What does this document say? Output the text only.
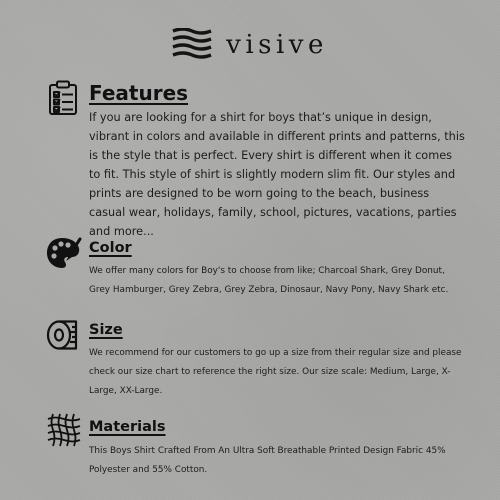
visive
Features

If you are looking for a shirt for boys that’s unique in design, vibrant in colors and available in different prints and patterns, this is the style that is perfect. Every shirt is different when it comes to fit. This style of shirt is slightly modern slim fit. Our styles and prints are designed to be worn going to the beach, business casual wear, holidays, family, school, pictures, vacations, parties and more...

Color

We offer many colors for Boy's to choose from like; Charcoal Shark, Grey Donut, Grey Hamburger, Grey Zebra, Grey Zebra, Dinosaur, Navy Pony, Navy Shark etc.

Size

We recommend for our customers to go up a size from their regular size and please check our size chart to reference the right size. Our size scale: Medium, Large, X-Large, XX-Large.

Materials

This Boys Shirt Crafted From An Ultra Soft Breathable Printed Design Fabric 45% Polyester and 55% Cotton.
